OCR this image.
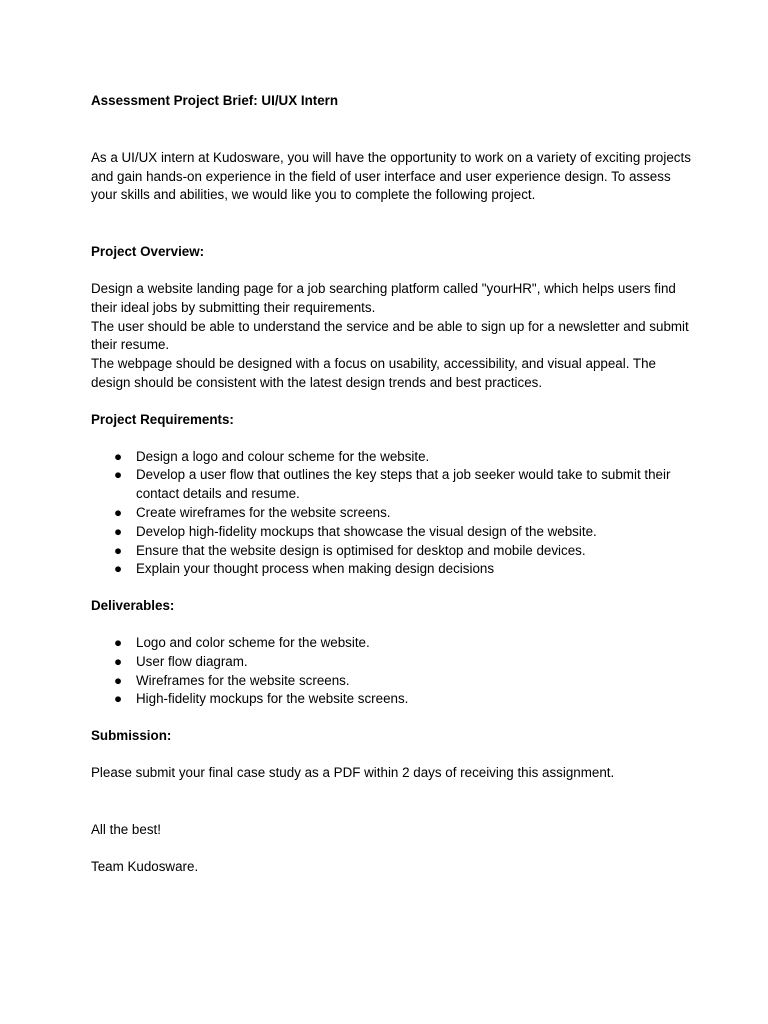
Assessment Project Brief: UI/UX Intern

As a UI/UX intern at Kudosware, you will have the opportunity to work on a variety of exciting projects and gain hands-on experience in the field of user interface and user experience design. To assess your skills and abilities, we would like you to complete the following project.

Project Overview:

Design a website landing page for a job searching platform called "yourHR", which helps users find their ideal jobs by submitting their requirements.

The user should be able to understand the service and be able to sign up for a newsletter and submit their resume.

The webpage should be designed with a focus on usability, accessibility, and visual appeal. The design should be consistent with the latest design trends and best practices.

Project Requirements:

● Design a logo and colour scheme for the website.
● Develop a user flow that outlines the key steps that a job seeker would take to submit their contact details and resume.
● Create wireframes for the website screens.
● Develop high-fidelity mockups that showcase the visual design of the website.
● Ensure that the website design is optimised for desktop and mobile devices.
● Explain your thought process when making design decisions

Deliverables:

● Logo and color scheme for the website.
● User flow diagram.
● Wireframes for the website screens.
● High-fidelity mockups for the website screens.

Submission:

Please submit your final case study as a PDF within 2 days of receiving this assignment.

All the best!

Team Kudosware.
